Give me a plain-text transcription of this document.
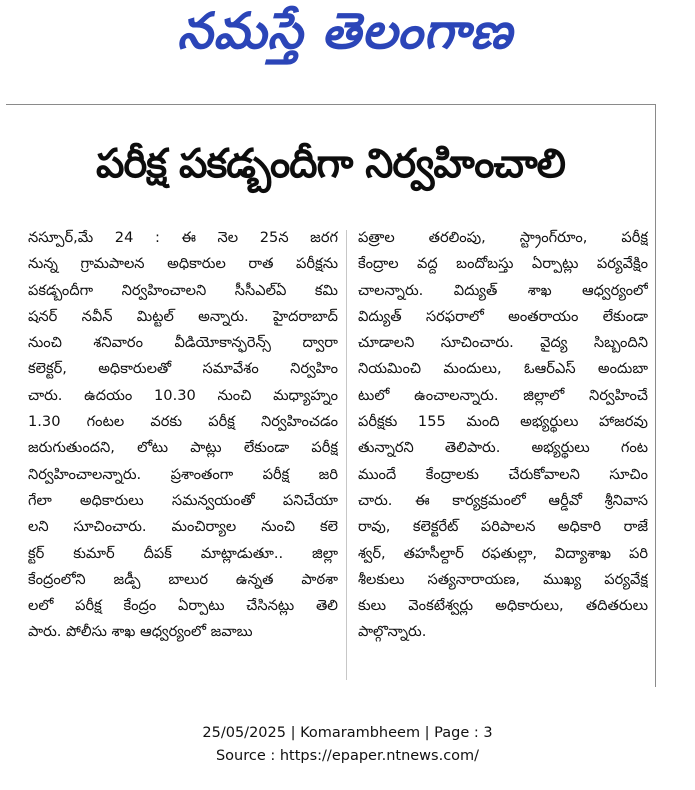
నమస్తే తెలంగాణ
పరీక్ష పకడ్బందీగా నిర్వహించాలి
నస్పూర్,మే 24 : ఈ నెల 25న జరగ
నున్న గ్రామపాలన అధికారుల రాత పరీక్షను
పకడ్బందీగా నిర్వహించాలని సీసీఎల్ఏ కమి
షనర్ నవీన్ మిట్టల్ అన్నారు. హైదరాబాద్
నుంచి శనివారం వీడియోకాన్ఫరెన్స్ ద్వారా
కలెక్టర్, అధికారులతో సమావేశం నిర్వహిం
చారు. ఉదయం 10.30 నుంచి మధ్యాహ్నం
1.30 గంటల వరకు పరీక్ష నిర్వహించడం
జరుగుతుందని, లోటు పాట్లు లేకుండా పరీక్ష
నిర్వహించాలన్నారు. ప్రశాంతంగా పరీక్ష జరి
గేలా అధికారులు సమన్వయంతో పనిచేయా
లని సూచించారు. మంచిర్యాల నుంచి కలె
క్టర్ కుమార్ దీపక్ మాట్లాడుతూ.. జిల్లా
కేంద్రంలోని జడ్పీ బాలుర ఉన్నత పాఠశా
లలో పరీక్ష కేంద్రం ఏర్పాటు చేసినట్లు తెలి
పారు. పోలీసు శాఖ ఆధ్వర్యంలో జవాబు
పత్రాల తరలింపు, స్ట్రాంగ్‌రూం, పరీక్ష
కేంద్రాల వద్ద బందోబస్తు ఏర్పాట్లు పర్యవేక్షిం
చాలన్నారు. విద్యుత్ శాఖ ఆధ్వర్యంలో
విద్యుత్ సరఫరాలో అంతరాయం లేకుండా
చూడాలని సూచించారు. వైద్య సిబ్బందిని
నియమించి మందులు, ఓఆర్ఎస్ అందుబా
టులో ఉంచాలన్నారు. జిల్లాలో నిర్వహించే
పరీక్షకు 155 మంది అభ్యర్థులు హాజరవు
తున్నారని తెలిపారు. అభ్యర్థులు గంట
ముందే కేంద్రాలకు చేరుకోవాలని సూచిం
చారు. ఈ కార్యక్రమంలో ఆర్డీవో శ్రీనివాస
రావు, కలెక్టరేట్ పరిపాలన అధికారి రాజే
శ్వర్, తహసీల్దార్ రఫతుల్లా, విద్యాశాఖ పరి
శీలకులు సత్యనారాయణ, ముఖ్య పర్యవేక్ష
కులు వెంకటేశ్వర్లు అధికారులు, తదితరులు
పాల్గొన్నారు.
25/05/2025 | Komarambheem | Page : 3
Source : https://epaper.ntnews.com/
